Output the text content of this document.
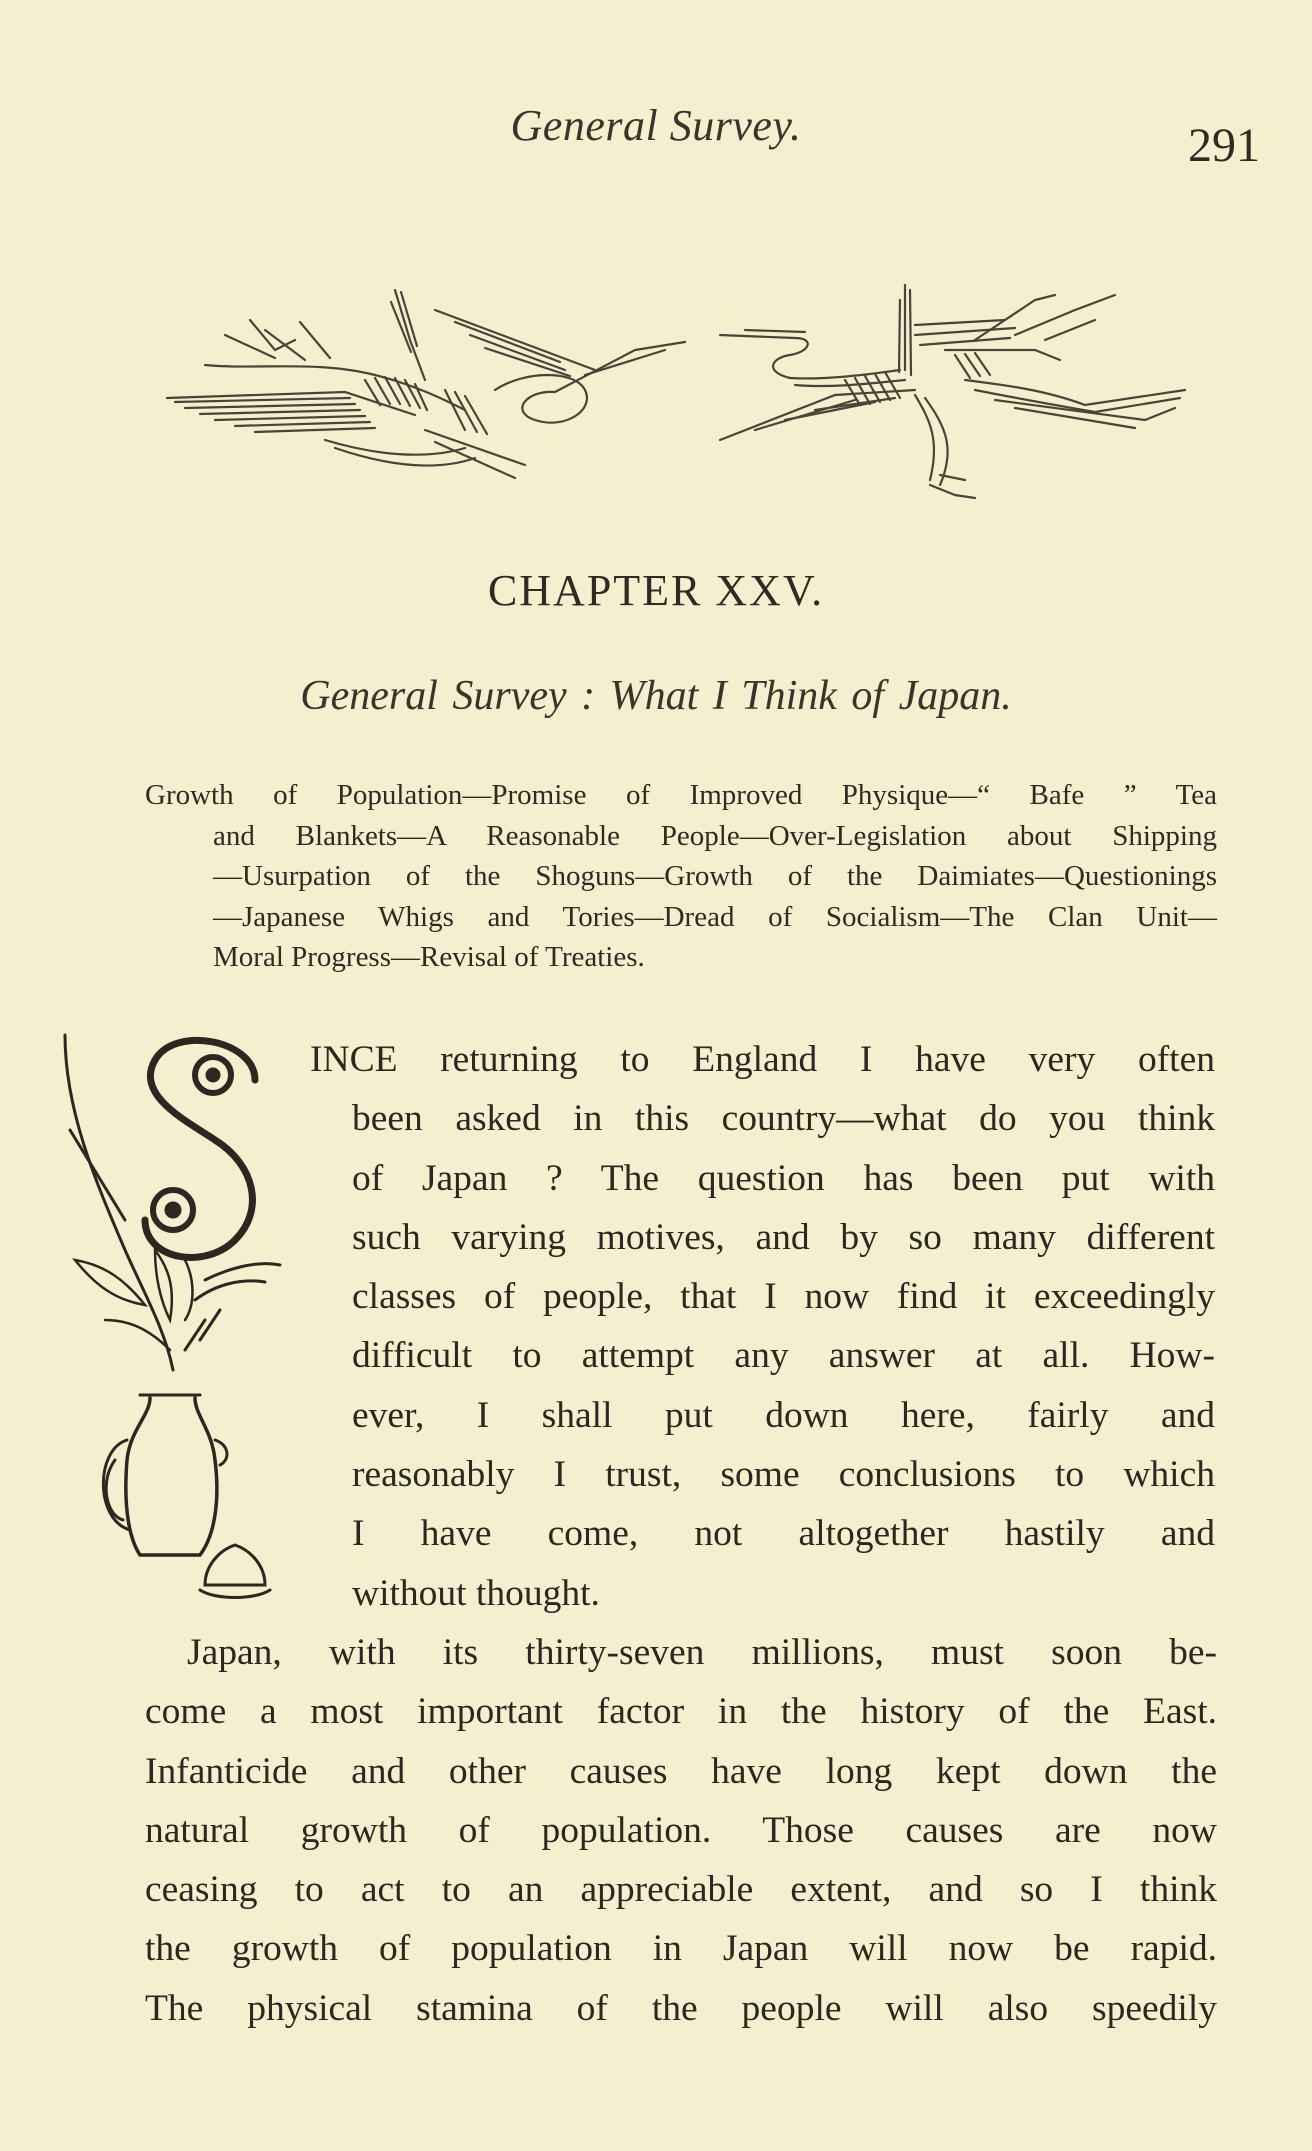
General Survey.	291
CHAPTER XXV.
General Survey : What I Think of Japan.
Growth of Population—Promise of Improved Physique—“ Bafe ” Tea
and Blankets—A Reasonable People—Over-Legislation about Shipping
—Usurpation of the Shoguns—Growth of the Daimiates—Questionings
—Japanese Whigs and Tories—Dread of Socialism—The Clan Unit—
Moral Progress—Revisal of Treaties.
INCE returning to England I have very often
been asked in this country—what do you think
of Japan ? The question has been put with
such varying motives, and by so many different
classes of people, that I now find it exceedingly
difficult to attempt any answer at all. How-
ever, I shall put down here, fairly and
reasonably I trust, some conclusions to which
I have come, not altogether hastily and
without thought.
Japan, with its thirty-seven millions, must soon be-
come a most important factor in the history of the East.
Infanticide and other causes have long kept down the
natural growth of population. Those causes are now
ceasing to act to an appreciable extent, and so I think
the growth of population in Japan will now be rapid.
The physical stamina of the people will also speedily
